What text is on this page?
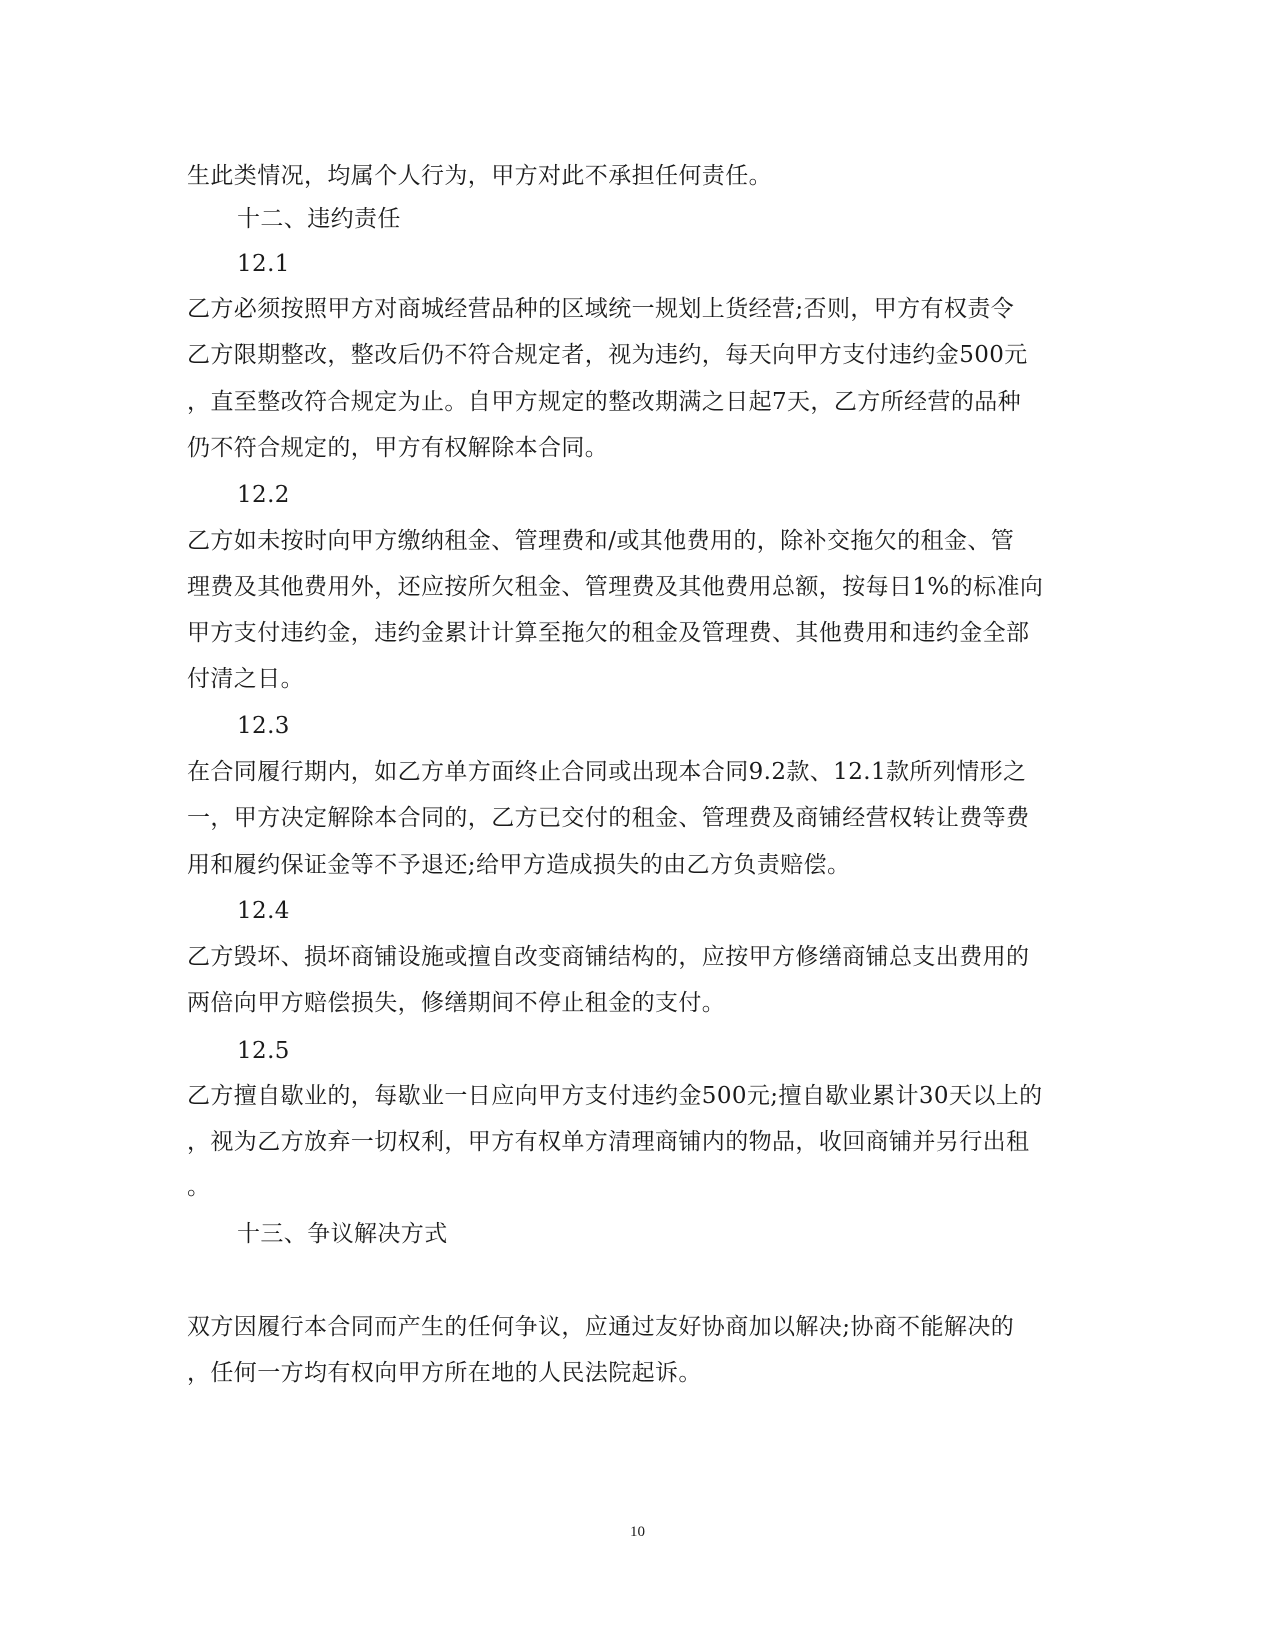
生此类情况，均属个人行为，甲方对此不承担任何责任。
十二、违约责任
12.1
乙方必须按照甲方对商城经营品种的区域统一规划上货经营;否则，甲方有权责令
乙方限期整改，整改后仍不符合规定者，视为违约，每天向甲方支付违约金500元
，直至整改符合规定为止。自甲方规定的整改期满之日起7天，乙方所经营的品种
仍不符合规定的，甲方有权解除本合同。
12.2
乙方如未按时向甲方缴纳租金、管理费和/或其他费用的，除补交拖欠的租金、管
理费及其他费用外，还应按所欠租金、管理费及其他费用总额，按每日1%的标准向
甲方支付违约金，违约金累计计算至拖欠的租金及管理费、其他费用和违约金全部
付清之日。
12.3
在合同履行期内，如乙方单方面终止合同或出现本合同9.2款、12.1款所列情形之
一，甲方决定解除本合同的，乙方已交付的租金、管理费及商铺经营权转让费等费
用和履约保证金等不予退还;给甲方造成损失的由乙方负责赔偿。
12.4
乙方毁坏、损坏商铺设施或擅自改变商铺结构的，应按甲方修缮商铺总支出费用的
两倍向甲方赔偿损失，修缮期间不停止租金的支付。
12.5
乙方擅自歇业的，每歇业一日应向甲方支付违约金500元;擅自歇业累计30天以上的
，视为乙方放弃一切权利，甲方有权单方清理商铺内的物品，收回商铺并另行出租
。
十三、争议解决方式
双方因履行本合同而产生的任何争议，应通过友好协商加以解决;协商不能解决的
，任何一方均有权向甲方所在地的人民法院起诉。
10
